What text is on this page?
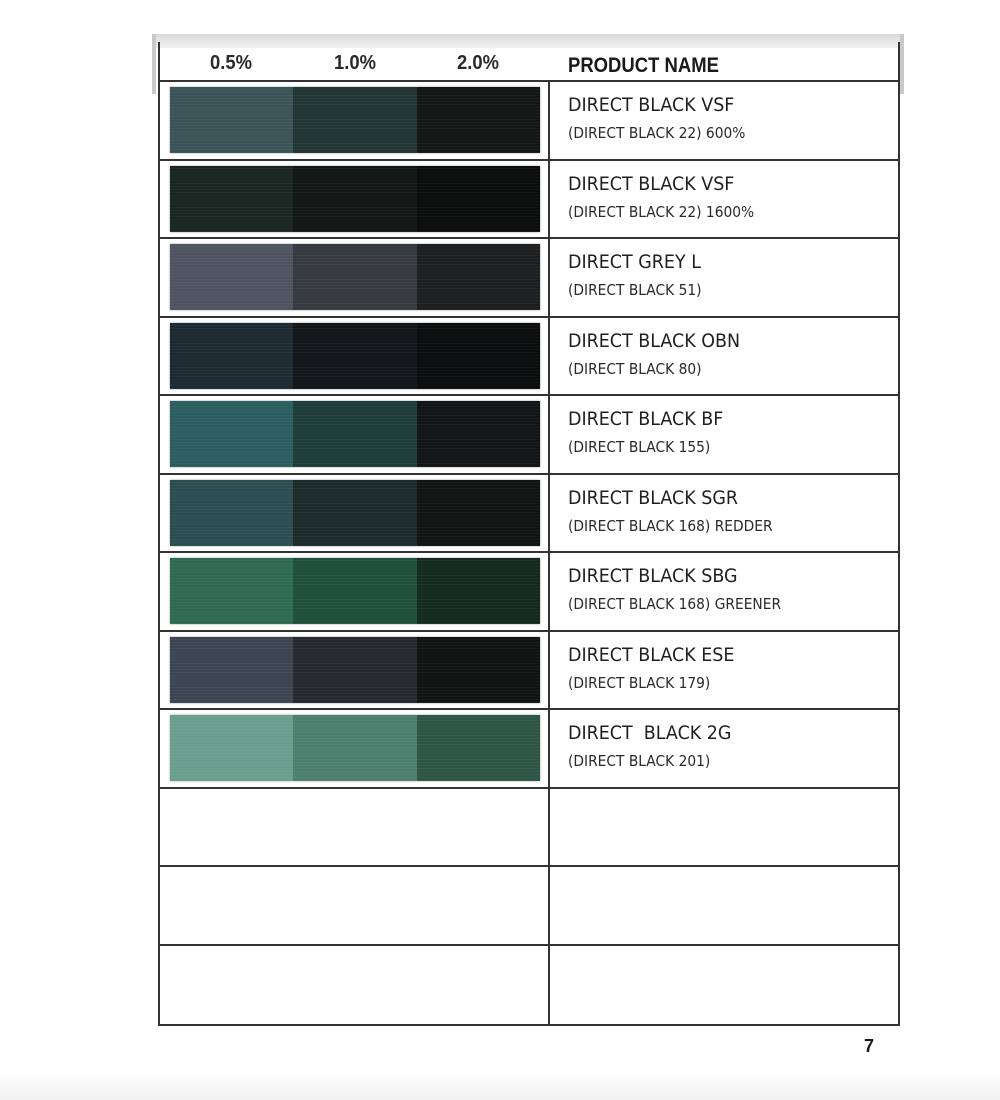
0.5%	1.0%	2.0%	PRODUCT NAME
DIRECT BLACK VSF
(DIRECT BLACK 22) 600%
DIRECT BLACK VSF
(DIRECT BLACK 22) 1600%
DIRECT GREY L
(DIRECT BLACK 51)
DIRECT BLACK OBN
(DIRECT BLACK 80)
DIRECT BLACK BF
(DIRECT BLACK 155)
DIRECT BLACK SGR
(DIRECT BLACK 168) REDDER
DIRECT BLACK SBG
(DIRECT BLACK 168) GREENER
DIRECT BLACK ESE
(DIRECT BLACK 179)
DIRECT  BLACK 2G
(DIRECT BLACK 201)
7
